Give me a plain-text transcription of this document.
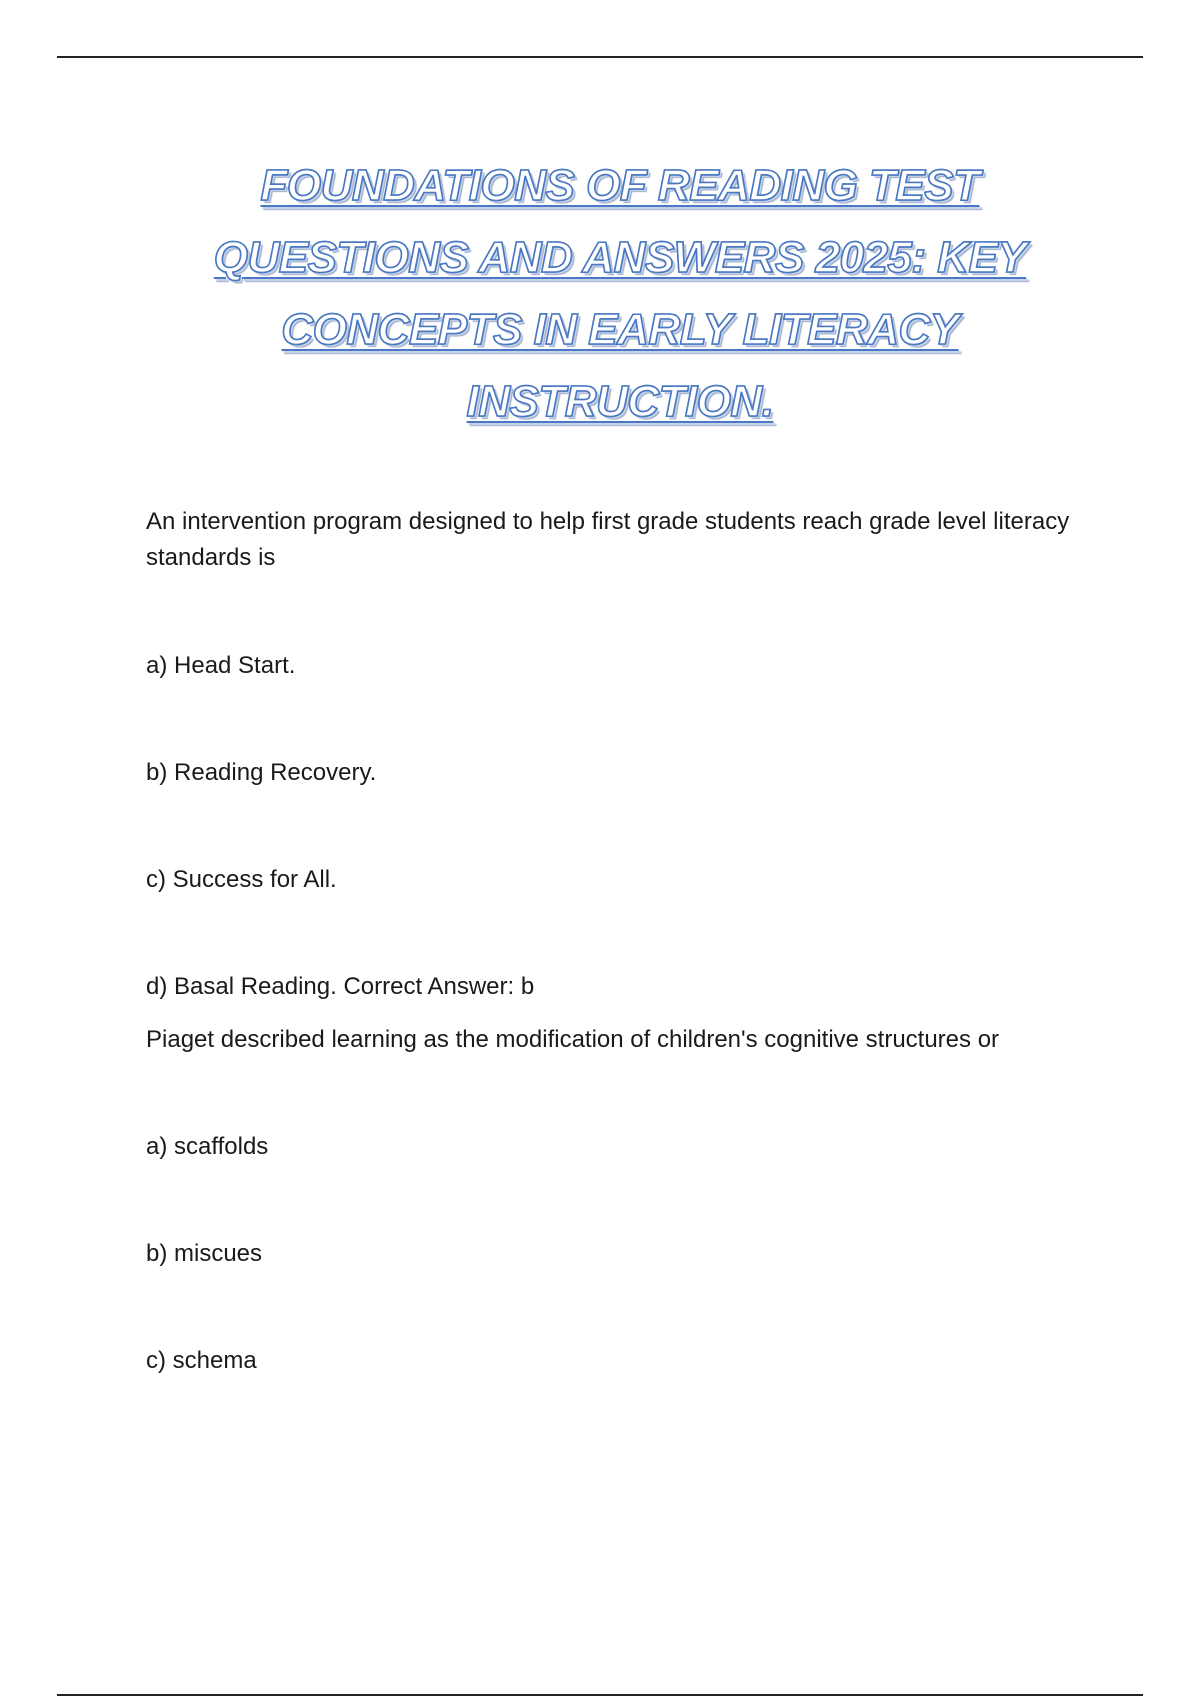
FOUNDATIONS OF READING TEST QUESTIONS AND ANSWERS 2025: KEY CONCEPTS IN EARLY LITERACY INSTRUCTION.
An intervention program designed to help first grade students reach grade level literacy standards is
a) Head Start.
b) Reading Recovery.
c) Success for All.
d) Basal Reading. Correct Answer: b
Piaget described learning as the modification of children's cognitive structures or
a) scaffolds
b) miscues
c) schema
